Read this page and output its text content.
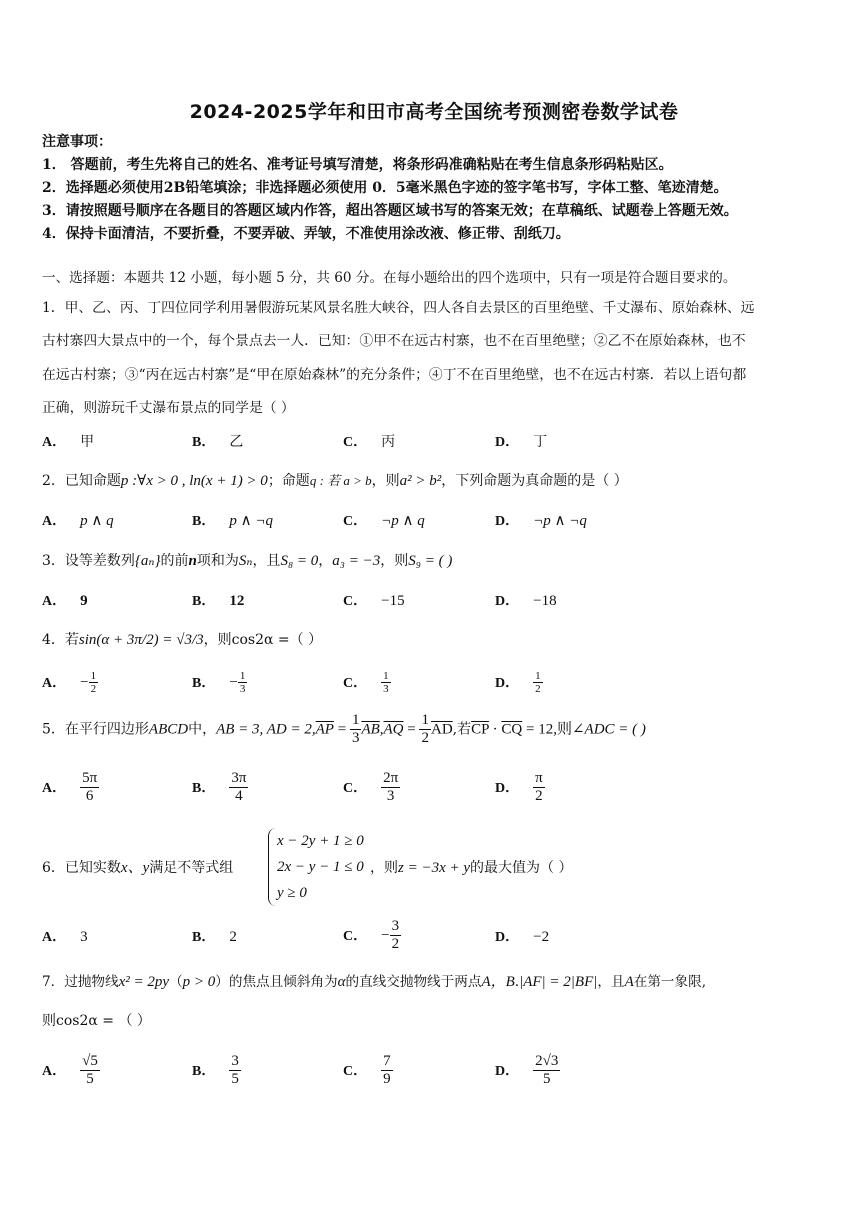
2024-2025学年和田市高考全国统考预测密卷数学试卷
注意事项：
1． 答题前，考生先将自己的姓名、准考证号填写清楚，将条形码准确粘贴在考生信息条形码粘贴区。
2．选择题必须使用2B铅笔填涂；非选择题必须使用 0．5毫米黑色字迹的签字笔书写，字体工整、笔迹清楚。
3．请按照题号顺序在各题目的答题区域内作答，超出答题区域书写的答案无效；在草稿纸、试题卷上答题无效。
4．保持卡面清洁，不要折叠，不要弄破、弄皱，不准使用涂改液、修正带、刮纸刀。
一、选择题：本题共 12 小题，每小题 5 分，共 60 分。在每小题给出的四个选项中，只有一项是符合题目要求的。
1．甲、乙、丙、丁四位同学利用暑假游玩某风景名胜大峡谷，四人各自去景区的百里绝壁、千丈瀑布、原始森林、远
古村寨四大景点中的一个，每个景点去一人．已知：①甲不在远古村寨，也不在百里绝壁；②乙不在原始森林，也不
在远古村寨；③“丙在远古村寨”是“甲在原始森林”的充分条件；④丁不在百里绝壁，也不在远古村寨．若以上语句都
正确，则游玩千丈瀑布景点的同学是（ ）
A． 甲	B． 乙	C． 丙	D． 丁
2．已知命题p :∀x > 0 , ln(x + 1) > 0；命题q : 若 a > b，则a² > b²，下列命题为真命题的是（ ）
A． p ∧ q	B． p ∧ ¬q	C． ¬p ∧ q	D． ¬p ∧ ¬q
3．设等差数列{aₙ}的前n项和为Sₙ，且S₈ = 0，a₃ = −3，则S₉ = ( )
A． 9	B． 12	C． −15	D． −18
4．若sin(α + 3π/2) = √3/3，则cos2α =（ ）
A． − $\frac{1}{2}$	B． − $\frac{1}{3}$	C． $\frac{1}{3}$	D． $\frac{1}{2}$
5．在平行四边形ABCD中，AB = 3, AD = $2,\overline{AP} = \frac{1}{3} \overline{AB},\overline{AQ} = \frac{1}{2} \overline{AD}$,若$\overline{CP} \cdot \overline{CQ} = 12$,则∠ADC = ( )
A． $\frac{5\pi}{6}$	B． $\frac{3\pi}{4}$	C． $\frac{2\pi}{3}$	D． $\frac{\pi}{2}$
6．已知实数x、y满足不等式组
x − 2y + 1 ≥ 0
2x − y − 1 ≤ 0
y ≥ 0
，则z = −3x + y的最大值为（ ）
A． 3	B． 2	C． − $\frac{3}{2}$	D． −2
7．过抛物线x² = 2py（p > 0）的焦点且倾斜角为α的直线交抛物线于两点A，B.|AF| = 2|BF|，且A在第一象限,
则cos2α = （ ）
A． $\frac{√5}{5}$	B． $\frac{3}{5}$	C． $\frac{7}{9}$	D． $\frac{2√3}{5}$
